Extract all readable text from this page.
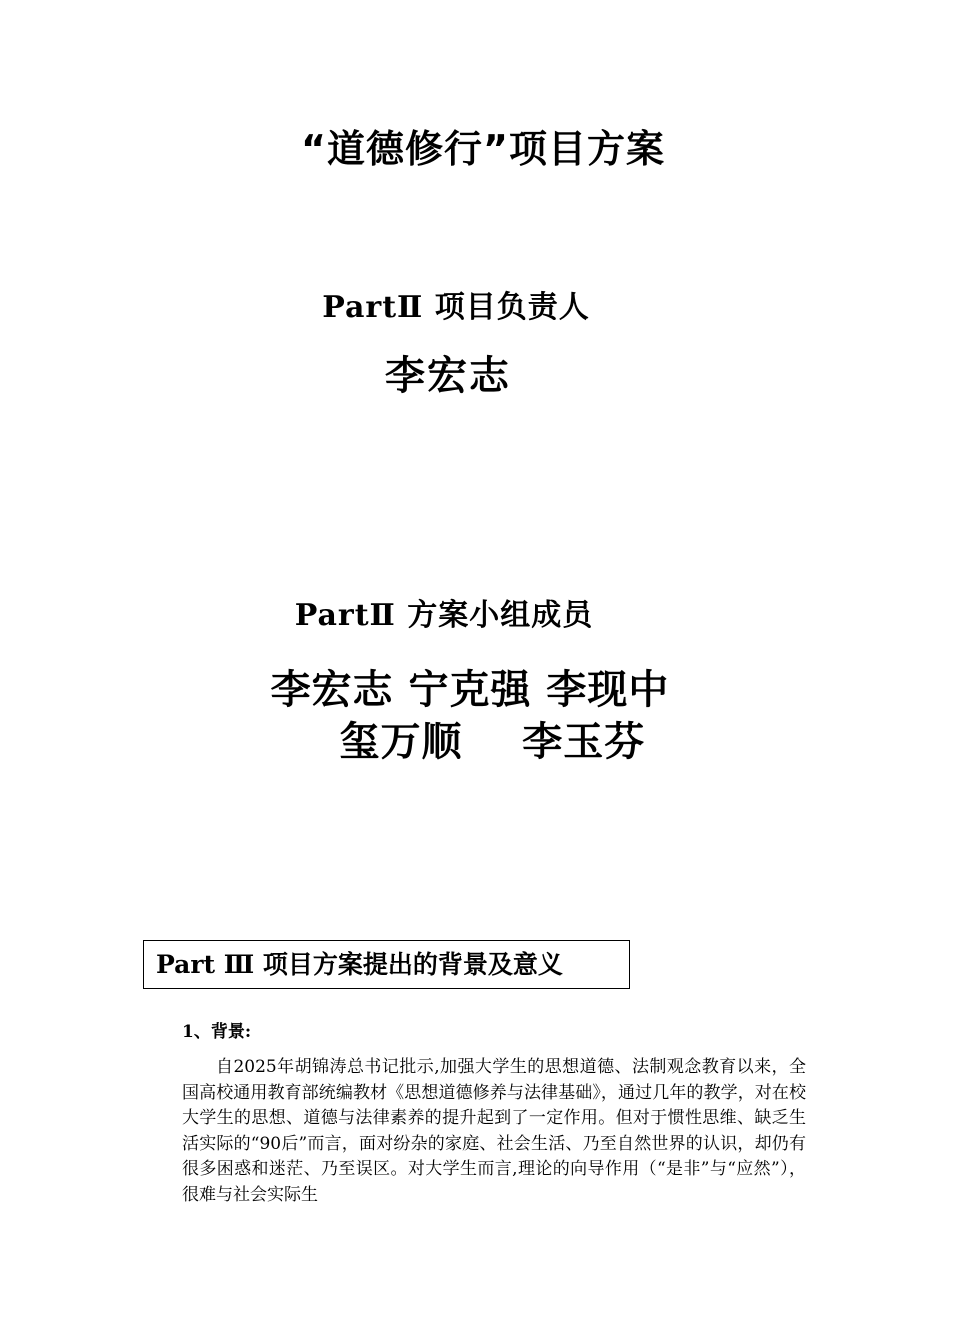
“道德修行”项目方案
PartⅡ 项目负责人
李宏志
PartⅡ 方案小组成员
李宏志 宁克强 李现中
玺万顺    李玉芬
Part Ⅲ 项目方案提出的背景及意义
1、背景:
自2025年胡锦涛总书记批示,加强大学生的思想道德、法制观念教育以来，全国高校通用教育部统编教材《思想道德修养与法律基础》，通过几年的教学，对在校大学生的思想、道德与法律素养的提升起到了一定作用。但对于惯性思维、缺乏生活实际的“90后”而言，面对纷杂的家庭、社会生活、乃至自然世界的认识，却仍有很多困惑和迷茫、乃至误区。对大学生而言,理论的向导作用（“是非”与“应然”），很难与社会实际生
